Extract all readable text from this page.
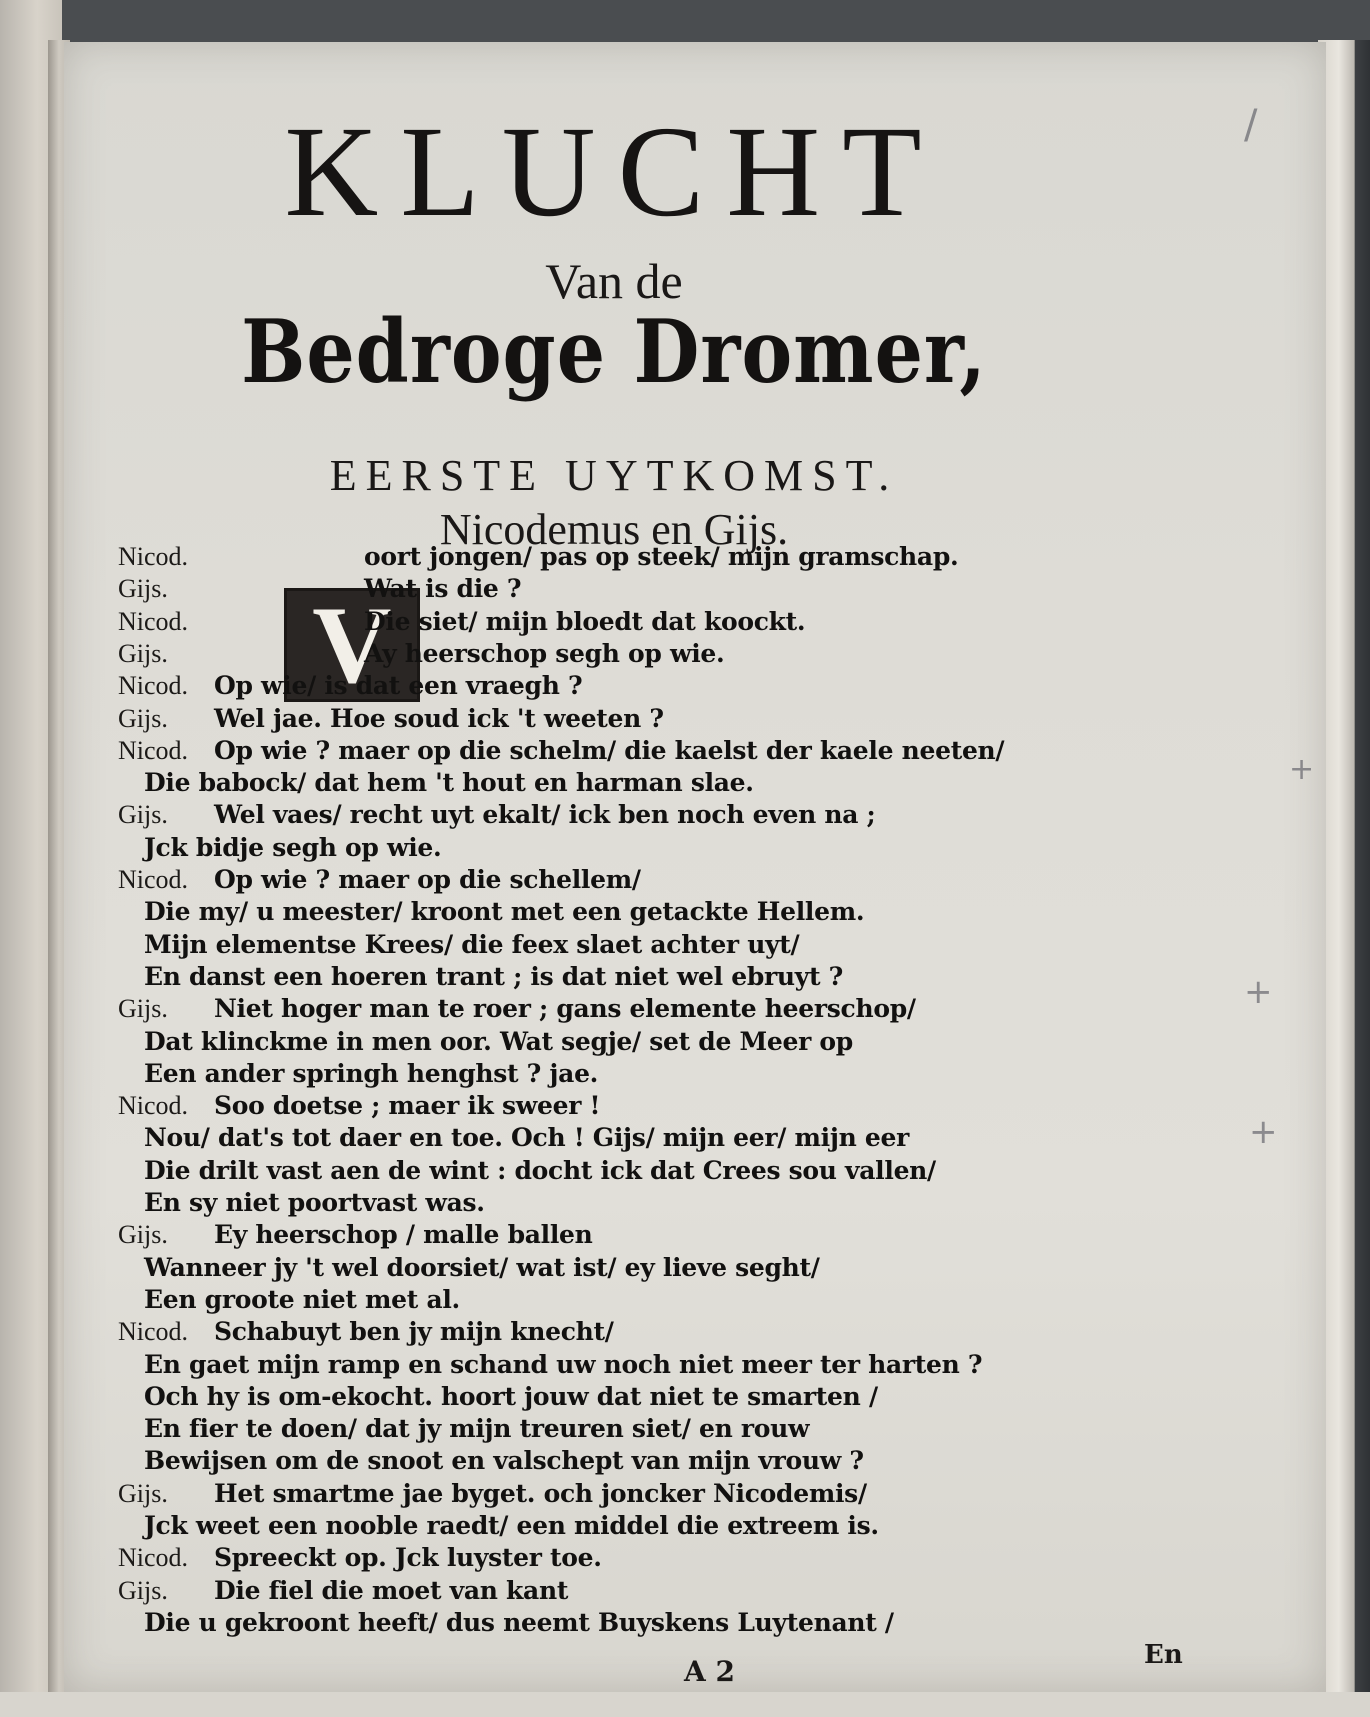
KLUCHT
Van de
Bedroge Dromer,
EERSTE UYTKOMST.
Nicodemus en Gijs.
V
A 2	En
/
+
+
+
Nicod.	oort jongen/ pas op steek/ mijn gramschap.
Gijs.	Wat is die ?
Nicod.	Die siet/ mijn bloedt dat koockt.
Gijs.	Ay heerschop segh op wie.
Nicod. Op wie/ is dat een vraegh ?
Gijs. Wel jae. Hoe soud ick 't weeten ?
Nicod. Op wie ? maer op die schelm/ die kaelst der kaele neeten/
Die babock/ dat hem 't hout en harman slae.
Gijs. Wel vaes/ recht uyt ekalt/ ick ben noch even na ;
Jck bidje segh op wie.
Nicod. Op wie ? maer op die schellem/
Die my/ u meester/ kroont met een getackte Hellem.
Mijn elementse Krees/ die feex slaet achter uyt/
En danst een hoeren trant ; is dat niet wel ebruyt ?
Gijs. Niet hoger man te roer ; gans elemente heerschop/
Dat klinckme in men oor. Wat segje/ set de Meer op
Een ander springh henghst ? jae.
Nicod. Soo doetse ; maer ik sweer !
Nou/ dat's tot daer en toe. Och ! Gijs/ mijn eer/ mijn eer
Die drilt vast aen de wint : docht ick dat Crees sou vallen/
En sy niet poortvast was.
Gijs. Ey heerschop / malle ballen
Wanneer jy 't wel doorsiet/ wat ist/ ey lieve seght/
Een groote niet met al.
Nicod. Schabuyt ben jy mijn knecht/
En gaet mijn ramp en schand uw noch niet meer ter harten ?
Och hy is om-ekocht. hoort jouw dat niet te smarten /
En fier te doen/ dat jy mijn treuren siet/ en rouw
Bewijsen om de snoot en valschept van mijn vrouw ?
Gijs. Het smartme jae byget. och joncker Nicodemis/
Jck weet een nooble raedt/ een middel die extreem is.
Nicod. Spreeckt op. Jck luyster toe.
Gijs. Die fiel die moet van kant
Die u gekroont heeft/ dus neemt Buyskens Luytenant /
